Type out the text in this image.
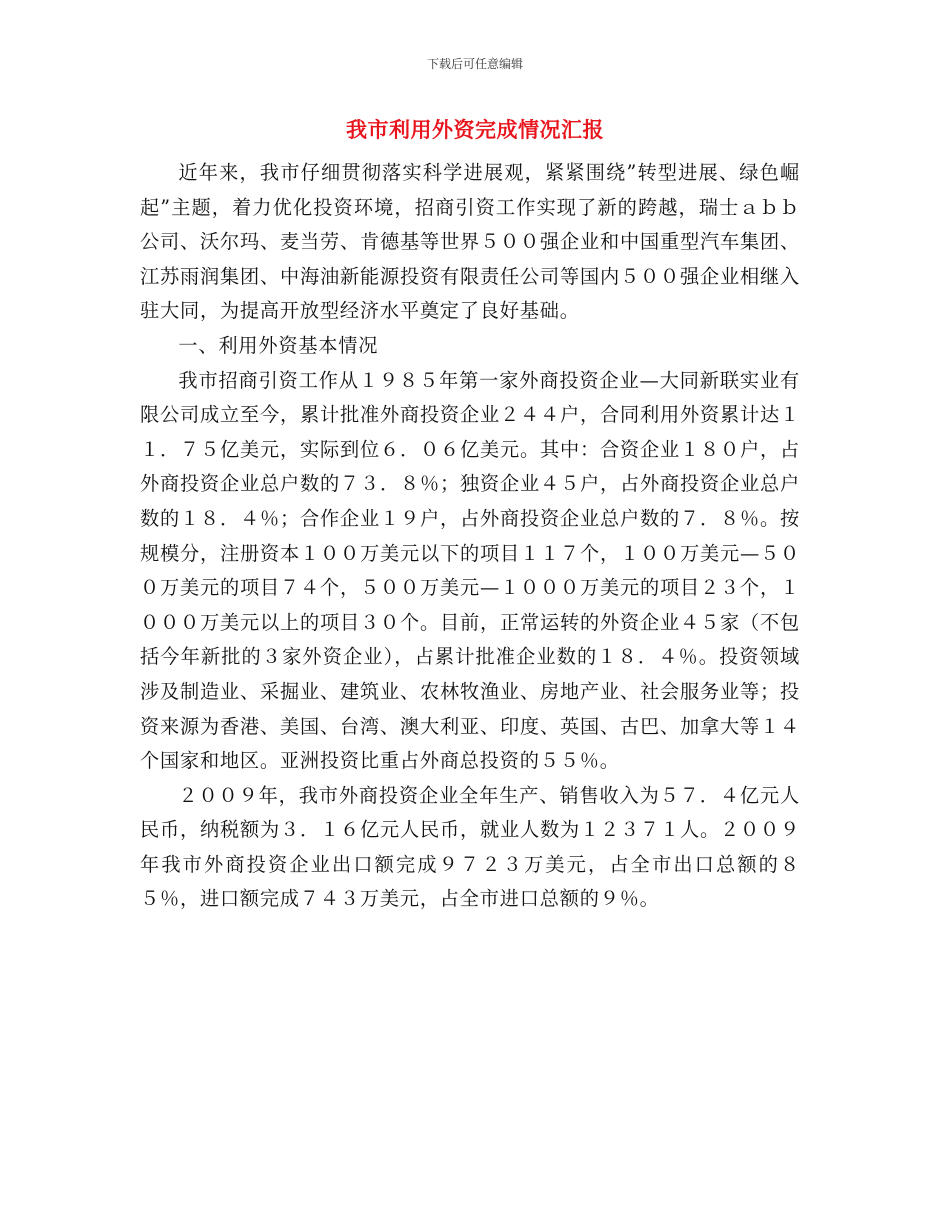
下载后可任意编辑
我市利用外资完成情况汇报

近年来，我市仔细贯彻落实科学进展观，紧紧围绕”转型进展、绿色崛起”主题，着力优化投资环境，招商引资工作实现了新的跨越，瑞士ａｂｂ公司、沃尔玛、麦当劳、肯德基等世界５００强企业和中国重型汽车集团、江苏雨润集团、中海油新能源投资有限责任公司等国内５００强企业相继入驻大同，为提高开放型经济水平奠定了良好基础。

一、利用外资基本情况

我市招商引资工作从１９８５年第一家外商投资企业—大同新联实业有限公司成立至今，累计批准外商投资企业２４４户，合同利用外资累计达１１．７５亿美元，实际到位６．０６亿美元。其中：合资企业１８０户，占外商投资企业总户数的７３．８％；独资企业４５户，占外商投资企业总户数的１８．４％；合作企业１９户，占外商投资企业总户数的７．８％。按规模分，注册资本１００万美元以下的项目１１７个，１００万美元—５００万美元的项目７４个，５００万美元—１０００万美元的项目２３个，１０００万美元以上的项目３０个。目前，正常运转的外资企业４５家（不包括今年新批的３家外资企业），占累计批准企业数的１８．４％。投资领域涉及制造业、采掘业、建筑业、农林牧渔业、房地产业、社会服务业等；投资来源为香港、美国、台湾、澳大利亚、印度、英国、古巴、加拿大等１４个国家和地区。亚洲投资比重占外商总投资的５５％。

２００９年，我市外商投资企业全年生产、销售收入为５７．４亿元人民币，纳税额为３．１６亿元人民币，就业人数为１２３７１人。２００９年我市外商投资企业出口额完成９７２３万美元，占全市出口总额的８５％，进口额完成７４３万美元，占全市进口总额的９％。
